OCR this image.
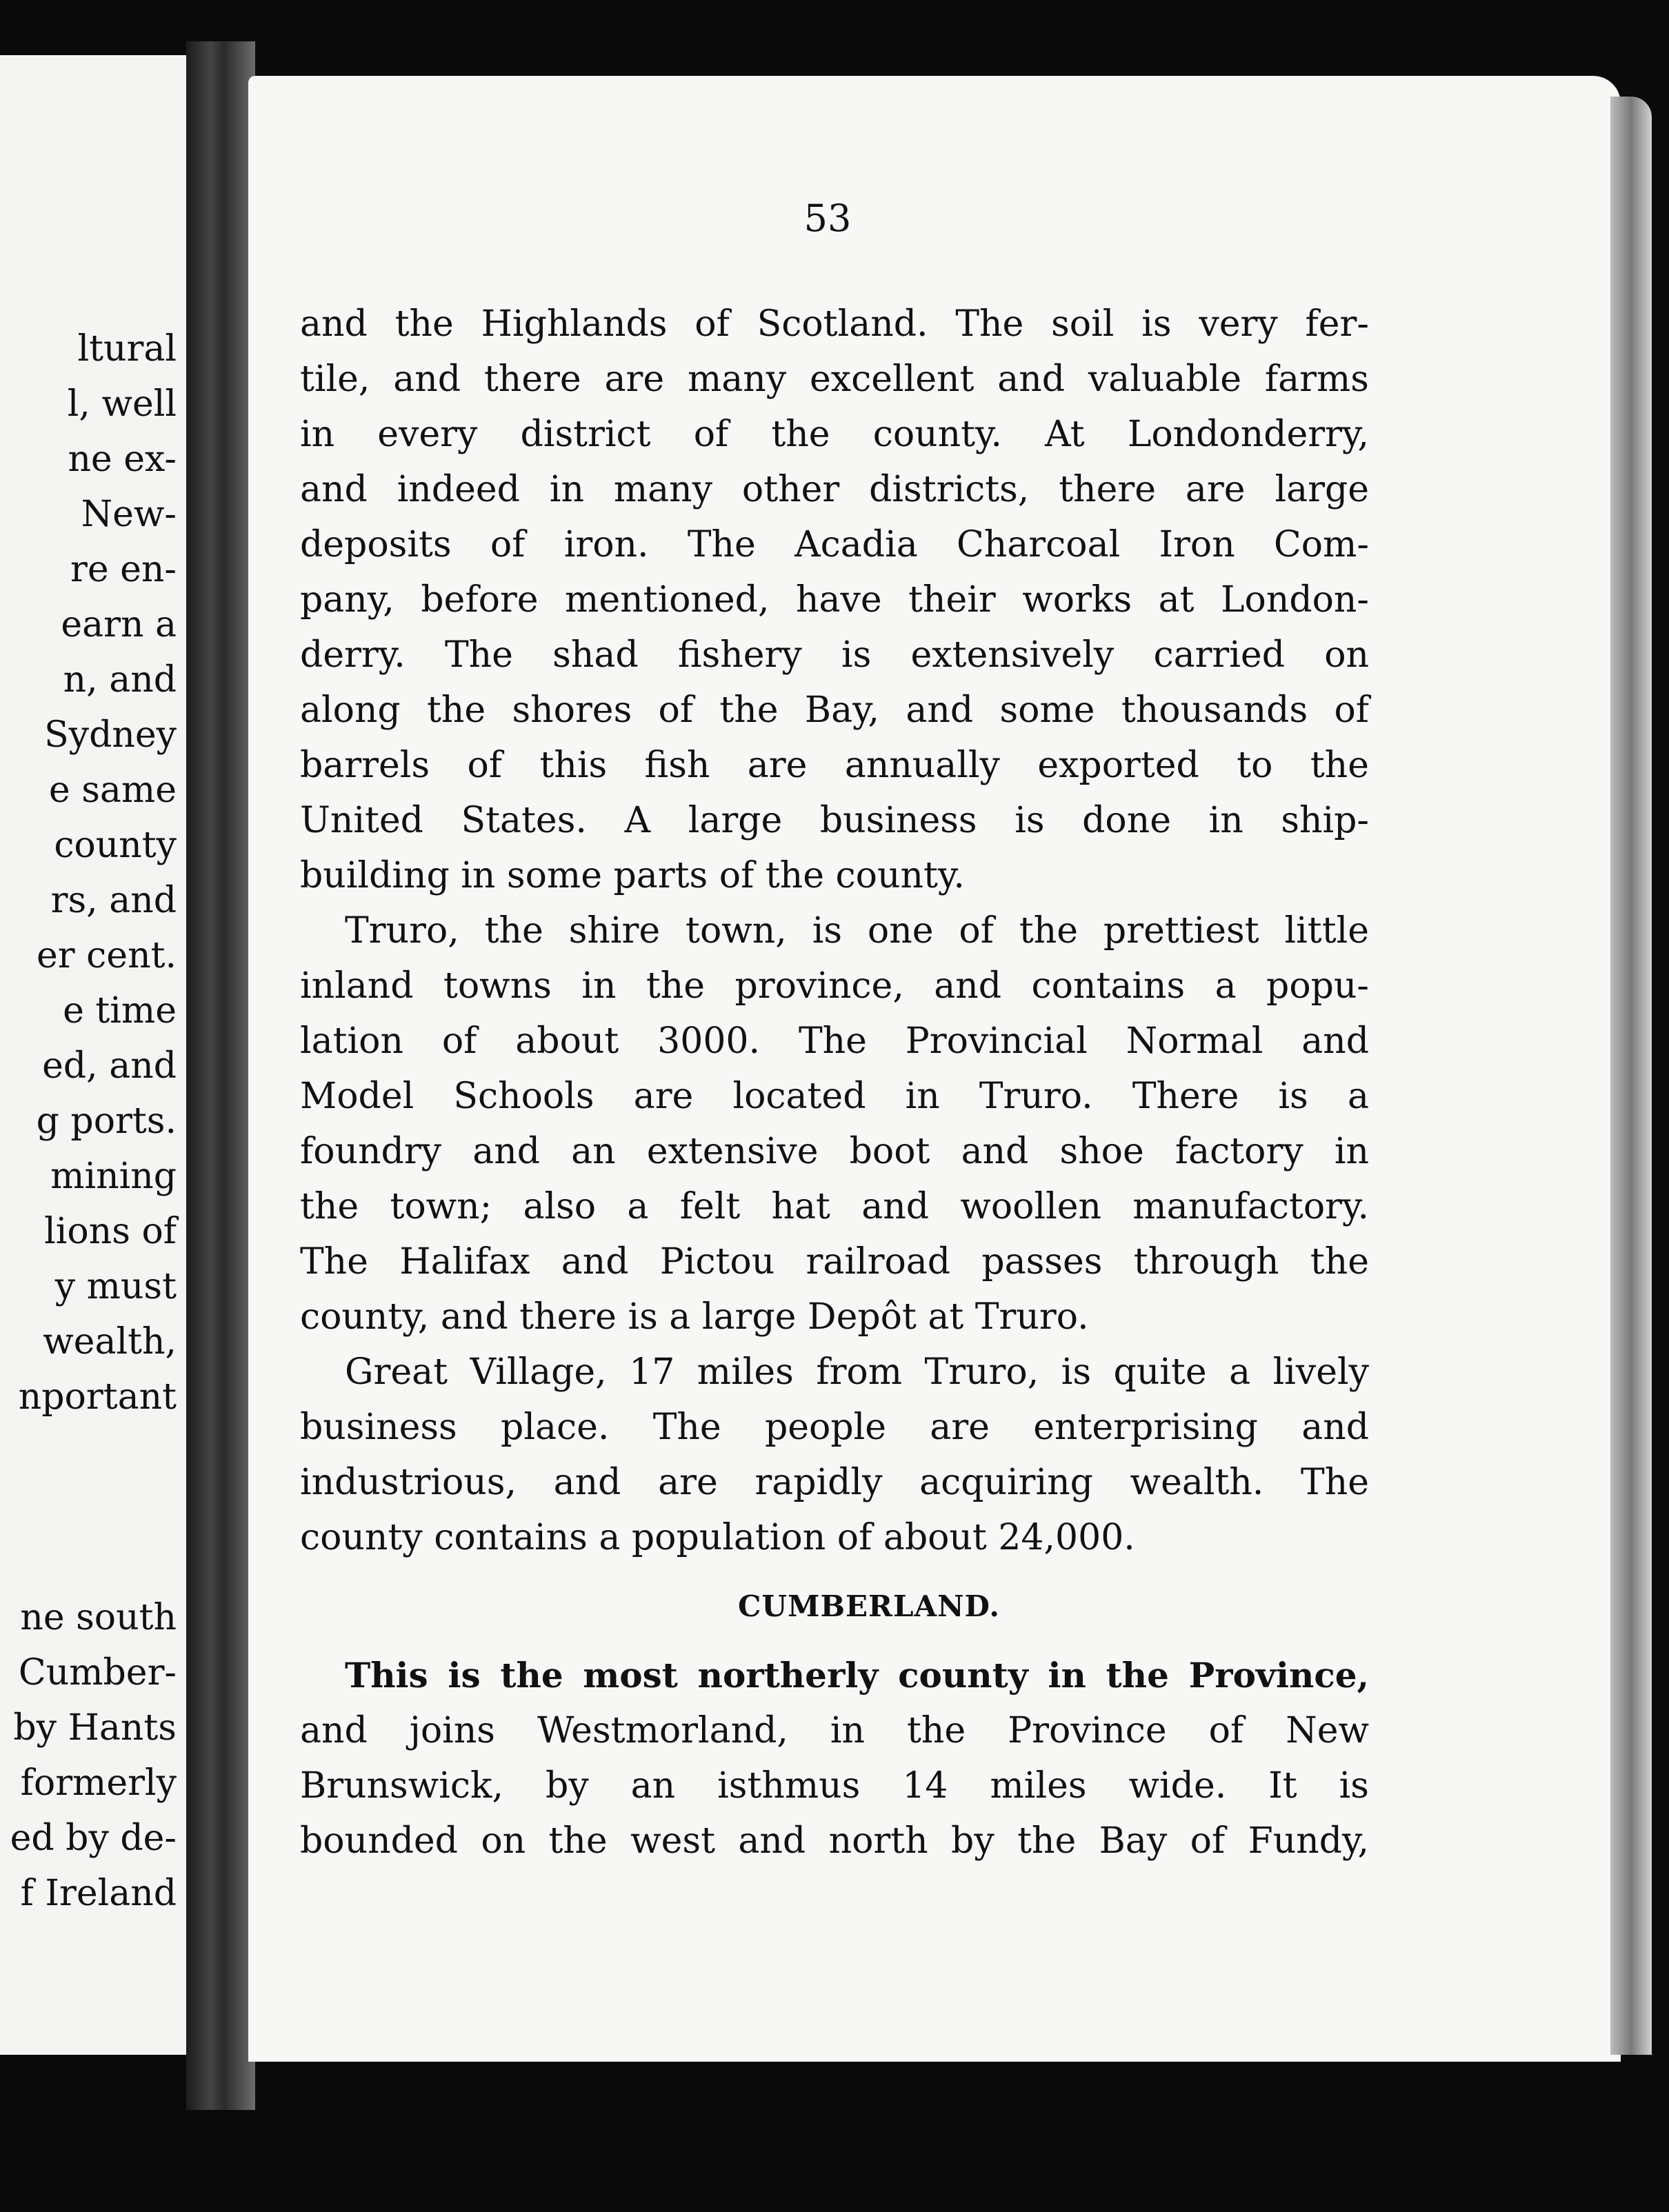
ltural
l, well
ne ex-
New-
re en-
earn a
n, and
Sydney
e same
county
rs, and
er cent.
e time
ed, and
g ports.
mining
lions of
y must
wealth,
nportant
ne south
Cumber-
by Hants
formerly
ed by de-
f Ireland
53
and the Highlands of Scotland. The soil is very fer-
tile, and there are many excellent and valuable farms
in every district of the county. At Londonderry,
and indeed in many other districts, there are large
deposits of iron. The Acadia Charcoal Iron Com-
pany, before mentioned, have their works at London-
derry. The shad fishery is extensively carried on
along the shores of the Bay, and some thousands of
barrels of this fish are annually exported to the
United States. A large business is done in ship-
building in some parts of the county.
Truro, the shire town, is one of the prettiest little
inland towns in the province, and contains a popu-
lation of about 3000. The Provincial Normal and
Model Schools are located in Truro. There is a
foundry and an extensive boot and shoe factory in
the town; also a felt hat and woollen manufactory.
The Halifax and Pictou railroad passes through the
county, and there is a large Depôt at Truro.
Great Village, 17 miles from Truro, is quite a lively
business place. The people are enterprising and
industrious, and are rapidly acquiring wealth. The
county contains a population of about 24,000.
CUMBERLAND.
This is the most northerly county in the Province,
and joins Westmorland, in the Province of New
Brunswick, by an isthmus 14 miles wide. It is
bounded on the west and north by the Bay of Fundy,
